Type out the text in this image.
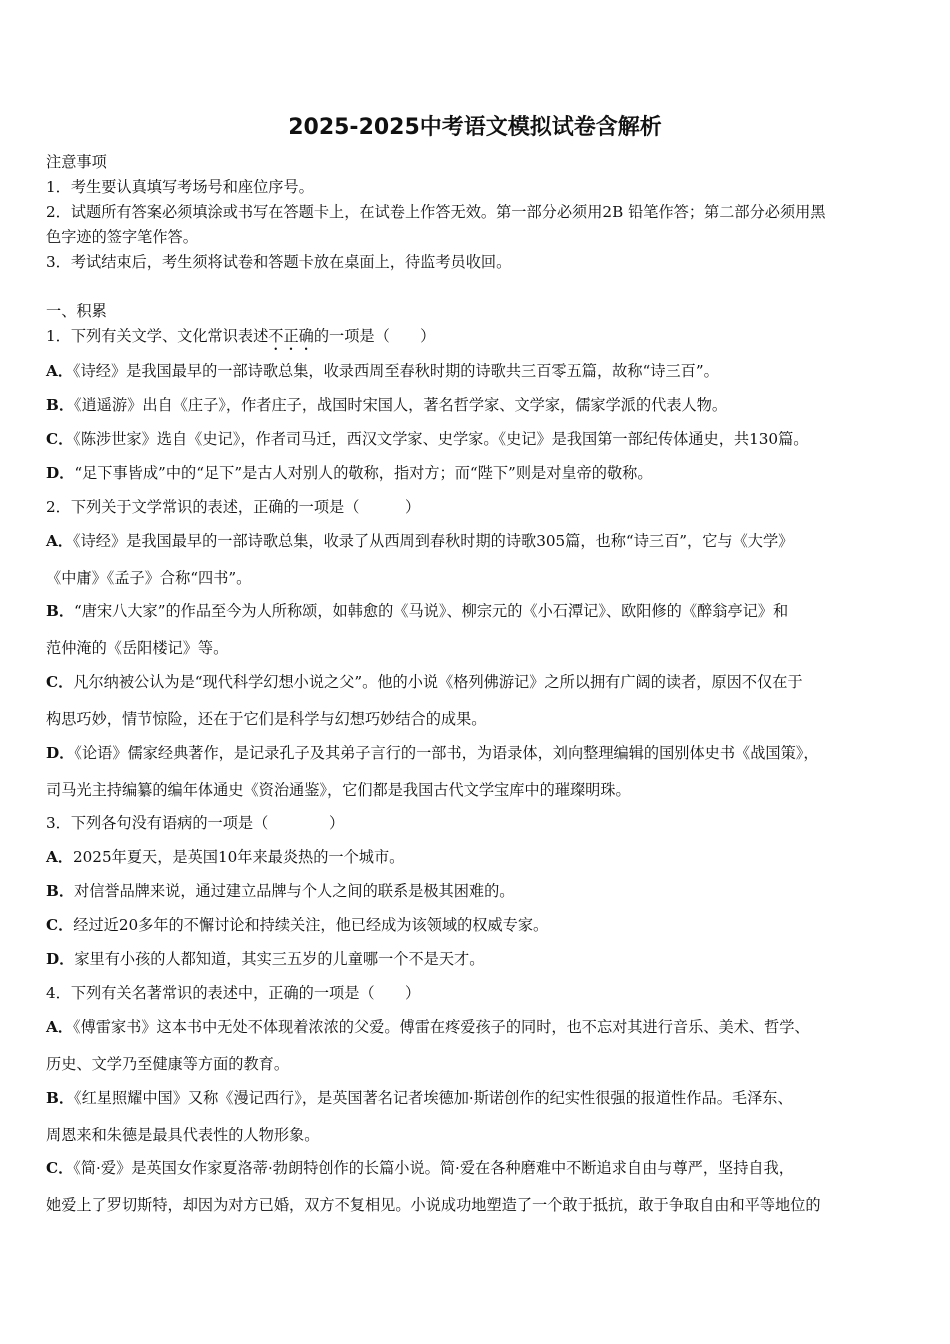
2025-2025中考语文模拟试卷含解析
注意事项
1．考生要认真填写考场号和座位序号。
2．试题所有答案必须填涂或书写在答题卡上，在试卷上作答无效。第一部分必须用2B 铅笔作答；第二部分必须用黑
色字迹的签字笔作答。
3．考试结束后，考生须将试卷和答题卡放在桌面上，待监考员收回。
一、积累
1．下列有关文学、文化常识表述不正确的一项是（　　）
A．《诗经》是我国最早的一部诗歌总集，收录西周至春秋时期的诗歌共三百零五篇，故称“诗三百”。
B．《逍遥游》出自《庄子》，作者庄子，战国时宋国人，著名哲学家、文学家，儒家学派的代表人物。
C．《陈涉世家》选自《史记》，作者司马迁，西汉文学家、史学家。《史记》是我国第一部纪传体通史，共130篇。
D．“足下事皆成”中的“足下”是古人对别人的敬称，指对方；而“陛下”则是对皇帝的敬称。
2．下列关于文学常识的表述，正确的一项是（　　　）
A．《诗经》是我国最早的一部诗歌总集，收录了从西周到春秋时期的诗歌305篇，也称“诗三百”，它与《大学》
《中庸》《孟子》合称“四书”。
B．“唐宋八大家”的作品至今为人所称颂，如韩愈的《马说》、柳宗元的《小石潭记》、欧阳修的《醉翁亭记》和
范仲淹的《岳阳楼记》等。
C．凡尔纳被公认为是“现代科学幻想小说之父”。他的小说《格列佛游记》之所以拥有广阔的读者，原因不仅在于
构思巧妙，情节惊险，还在于它们是科学与幻想巧妙结合的成果。
D．《论语》儒家经典著作，是记录孔子及其弟子言行的一部书，为语录体，刘向整理编辑的国别体史书《战国策》，
司马光主持编纂的编年体通史《资治通鉴》，它们都是我国古代文学宝库中的璀璨明珠。
3．下列各句没有语病的一项是（　　　　）
A．2025年夏天，是英国10年来最炎热的一个城市。
B．对信誉品牌来说，通过建立品牌与个人之间的联系是极其困难的。
C．经过近20多年的不懈讨论和持续关注，他已经成为该领域的权威专家。
D．家里有小孩的人都知道，其实三五岁的儿童哪一个不是天才。
4．下列有关名著常识的表述中，正确的一项是（　　）
A．《傅雷家书》这本书中无处不体现着浓浓的父爱。傅雷在疼爱孩子的同时，也不忘对其进行音乐、美术、哲学、
历史、文学乃至健康等方面的教育。
B．《红星照耀中国》又称《漫记西行》，是英国著名记者埃德加·斯诺创作的纪实性很强的报道性作品。毛泽东、
周恩来和朱德是最具代表性的人物形象。
C．《简·爱》是英国女作家夏洛蒂·勃朗特创作的长篇小说。简·爱在各种磨难中不断追求自由与尊严，坚持自我，
她爱上了罗切斯特，却因为对方已婚，双方不复相见。小说成功地塑造了一个敢于抵抗，敢于争取自由和平等地位的
